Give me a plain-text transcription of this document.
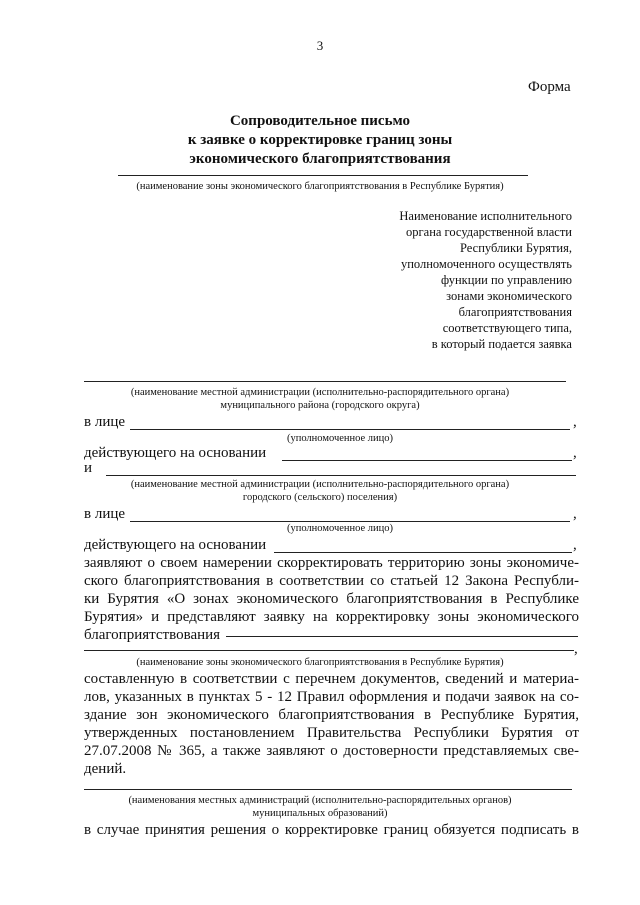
3
Форма
Сопроводительное письмо
к заявке о корректировке границ зоны
экономического благоприятствования
(наименование зоны экономического благоприятствования в Республике Бурятия)
Наименование исполнительного
органа государственной власти
Республики Бурятия,
уполномоченного осуществлять
функции по управлению
зонами экономического
благоприятствования
соответствующего типа,
в который подается заявка
(наименование местной администрации (исполнительно-распорядительного органа)
муниципального района (городского округа)
в лице	,
(уполномоченное лицо)
действующего на основании	,
и
(наименование местной администрации (исполнительно-распорядительного органа)
городского (сельского) поселения)
в лице	,
(уполномоченное лицо)
действующего на основании	,
заявляют о своем намерении скорректировать территорию зоны экономиче-
ского благоприятствования в соответствии со статьей 12 Закона Республи-
ки Бурятия «О зонах экономического благоприятствования в Республике
Бурятия» и представляют заявку на корректировку зоны экономического
благоприятствования
,
(наименование зоны экономического благоприятствования в Республике Бурятия)
составленную в соответствии с перечнем документов, сведений и материа-
лов, указанных в пунктах 5 - 12 Правил оформления и подачи заявок на со-
здание зон экономического благоприятствования в Республике Бурятия,
утвержденных постановлением Правительства Республики Бурятия от
27.07.2008 № 365, а также заявляют о достоверности представляемых све-
дений.
(наименования местных администраций (исполнительно-распорядительных органов)
муниципальных образований)
в случае принятия решения о корректировке границ обязуется подписать в
